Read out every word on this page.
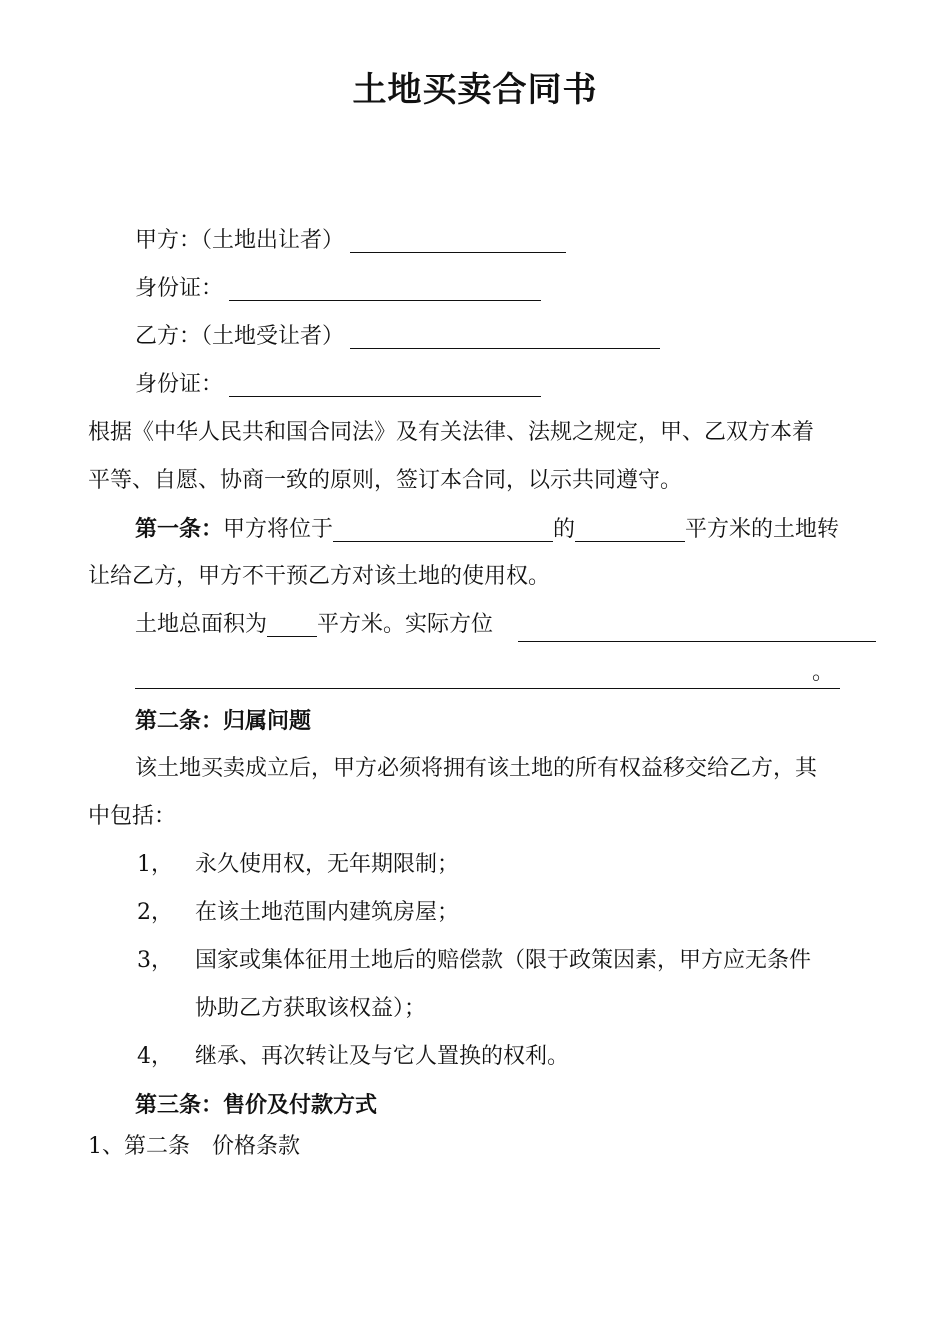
土地买卖合同书
甲方：（土地出让者）
身份证：
乙方：（土地受让者）
身份证：
根据《中华人民共和国合同法》及有关法律、法规之规定，甲、乙双方本着
平等、自愿、协商一致的原则，签订本合同，以示共同遵守。
第一条：甲方将位于	的	平方米的土地转
让给乙方，甲方不干预乙方对该土地的使用权。
土地总面积为 平方米。实际方位
。
第二条：归属问题
该土地买卖成立后，甲方必须将拥有该土地的所有权益移交给乙方，其
中包括：
1， 永久使用权，无年期限制；
2， 在该土地范围内建筑房屋；
3， 国家或集体征用土地后的赔偿款（限于政策因素，甲方应无条件
协助乙方获取该权益）；
4， 继承、再次转让及与它人置换的权利。
第三条：售价及付款方式
1、第二条　价格条款
